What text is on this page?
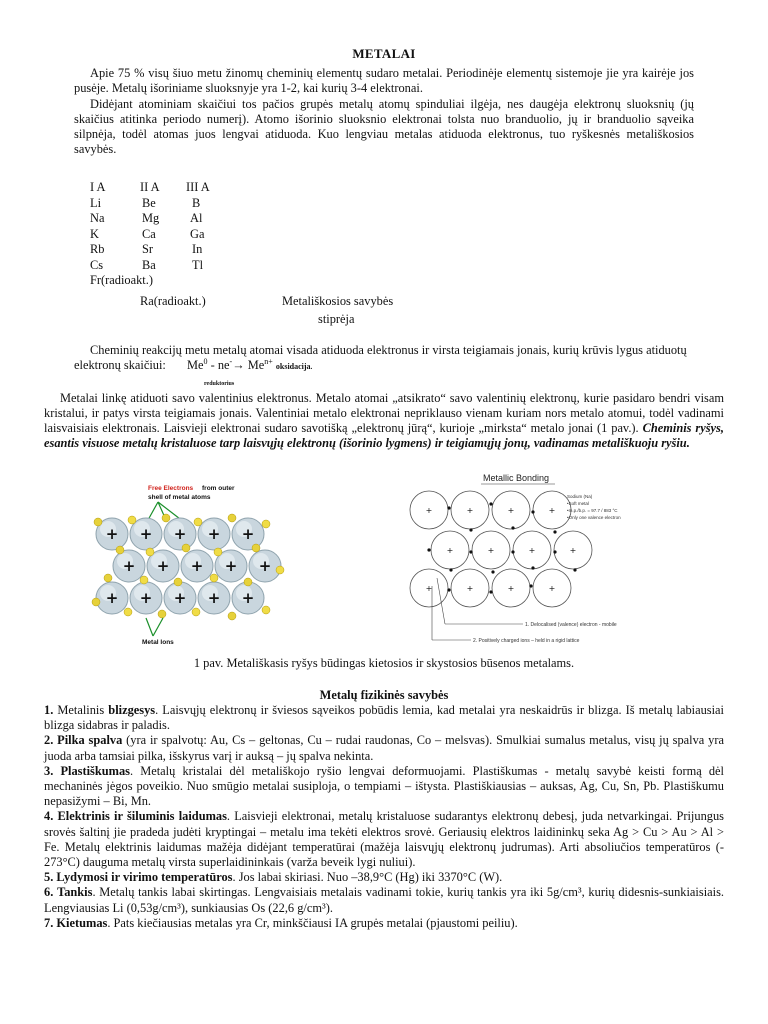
METALAI
Apie 75 % visų šiuo metu žinomų cheminių elementų sudaro metalai. Periodinėje elementų sistemoje jie yra kairėje jos pusėje. Metalų išoriniame sluoksnyje yra 1-2, kai kurių 3-4 elektronai.
Didėjant atominiam skaičiui tos pačios grupės metalų atomų spinduliai ilgėja, nes daugėja elektronų sluoksnių (jų skaičius atitinka periodo numerį). Atomo išorinio sluoksnio elektronai tolsta nuo branduolio, jų ir branduolio sąveika silpnėja, todėl atomas juos lengvai atiduoda. Kuo lengviau metalas atiduoda elektronus, tuo ryškesnės metališkosios savybės.
I A	II A III A
Li	Be	B
Na	Mg Al
K	Ca	Ga
Rb	Sr	In
Cs	Ba	Tl
Fr(radioakt.)
Ra(radioakt.)	Metališkosios savybės
stiprėja
Cheminių reakcijų metu metalų atomai visada atiduoda elektronus ir virsta teigiamais jonais, kurių krūvis lygus atiduotų elektronų skaičiui: $Me^0 - ne^-\to Me^{n+}$ oksidacija.
reduktorius
Metalai linkę atiduoti savo valentinius elektronus. Metalo atomai „atsikrato“ savo valentinių elektronų, kurie pasidaro bendri visam kristalui, ir patys virsta teigiamais jonais. Valentiniai metalo elektronai nepriklauso vienam kuriam nors metalo atomui, todėl vadinami laisvaisiais elektronais. Laisvieji elektronai sudaro savotišką „elektronų jūrą“, kurioje „mirksta“ metalo jonai (1 pav.). Cheminis ryšys, esantis visuose metalų kristaluose tarp laisvųjų elektronų (išorinio lygmens) ir teigiamųjų jonų, vadinamas metališkuoju ryšiu.
Free Electrons from outer
shell of metal atoms
+ + + + +
+ + + + +
+ + + + +
Metal Ions
Metallic Bonding
+	+	+	+
+	+	+	+
+	+	+	+
Sodium (Na)
•Soft metal
•m.p./b.p. = 97.7 / 883 °C
•Only one valence electron
1. Delocalised (valence) electron - mobile
2. Positively charged ions – held in a rigid lattice
1 pav. Metališkasis ryšys būdingas kietosios ir skystosios būsenos metalams.
Metalų fizikinės savybės

1. Metalinis blizgesys. Laisvųjų elektronų ir šviesos sąveikos pobūdis lemia, kad metalai yra neskaidrūs ir blizga. Iš metalų labiausiai blizga sidabras ir paladis.

2. Pilka spalva (yra ir spalvotų: Au, Cs – geltonas, Cu – rudai raudonas, Co – melsvas). Smulkiai sumalus metalus, visų jų spalva yra juoda arba tamsiai pilka, išskyrus varį ir auksą – jų spalva nekinta.

3. Plastiškumas. Metalų kristalai dėl metališkojo ryšio lengvai deformuojami. Plastiškumas - metalų savybė keisti formą dėl mechaninės jėgos poveikio. Nuo smūgio metalai susiploja, o tempiami – ištysta. Plastiškiausias – auksas, Ag, Cu, Sn, Pb. Plastiškumu nepasižymi – Bi, Mn.

4. Elektrinis ir šiluminis laidumas. Laisvieji elektronai, metalų kristaluose sudarantys elektronų debesį, juda netvarkingai. Prijungus srovės šaltinį jie pradeda judėti kryptingai – metalu ima tekėti elektros srovė. Geriausių elektros laidininkų seka Ag > Cu > Au > Al > Fe. Metalų elektrinis laidumas mažėja didėjant temperatūrai (mažėja laisvųjų elektronų judrumas). Arti absoliučios temperatūros (- 273°C) dauguma metalų virsta superlaidininkais (varža beveik lygi nuliui).

5. Lydymosi ir virimo temperatūros. Jos labai skiriasi. Nuo –38,9°C (Hg) iki 3370°C (W).

6. Tankis. Metalų tankis labai skirtingas. Lengvaisiais metalais vadinami tokie, kurių tankis yra iki 5g/cm³, kurių didesnis-sunkiaisiais. Lengviausias Li (0,53g/cm³), sunkiausias Os (22,6 g/cm³).

7. Kietumas. Pats kiečiausias metalas yra Cr, minkščiausi IA grupės metalai (pjaustomi peiliu).
